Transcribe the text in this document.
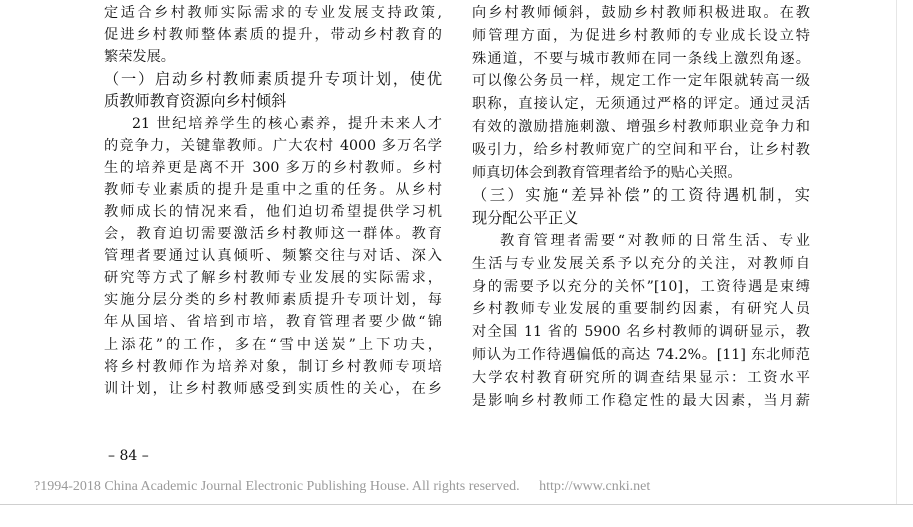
定适合乡村教师实际需求的专业发展支持政策,
促进乡村教师整体素质的提升，带动乡村教育的
繁荣发展。
（一）启动乡村教师素质提升专项计划，使优
质教师教育资源向乡村倾斜
21 世纪培养学生的核心素养，提升未来人才
的竞争力，关键靠教师。广大农村 4000 多万名学
生的培养更是离不开 300 多万的乡村教师。乡村
教师专业素质的提升是重中之重的任务。从乡村
教师成长的情况来看，他们迫切希望提供学习机
会，教育迫切需要激活乡村教师这一群体。教育
管理者要通过认真倾听、频繁交往与对话、深入
研究等方式了解乡村教师专业发展的实际需求，
实施分层分类的乡村教师素质提升专项计划，每
年从国培、省培到市培，教育管理者要少做“锦
上添花”的工作，多在“雪中送炭”上下功夫，
将乡村教师作为培养对象，制订乡村教师专项培
训计划，让乡村教师感受到实质性的关心，在乡
向乡村教师倾斜，鼓励乡村教师积极进取。在教
师管理方面，为促进乡村教师的专业成长设立特
殊通道，不要与城市教师在同一条线上激烈角逐。
可以像公务员一样，规定工作一定年限就转高一级
职称，直接认定，无须通过严格的评定。通过灵活
有效的激励措施刺激、增强乡村教师职业竞争力和
吸引力，给乡村教师宽广的空间和平台，让乡村教
师真切体会到教育管理者给予的贴心关照。
（三）实施“差异补偿”的工资待遇机制，实
现分配公平正义
教育管理者需要“对教师的日常生活、专业
生活与专业发展关系予以充分的关注，对教师自
身的需要予以充分的关怀”[10]，工资待遇是束缚
乡村教师专业发展的重要制约因素，有研究人员
对全国 11 省的 5900 名乡村教师的调研显示，教
师认为工作待遇偏低的高达 74.2%。[11] 东北师范
大学农村教育研究所的调查结果显示：工资水平
是影响乡村教师工作稳定性的最大因素，当月薪
– 84 –
?1994-2018 China Academic Journal Electronic Publishing House. All rights reserved. http://www.cnki.net
